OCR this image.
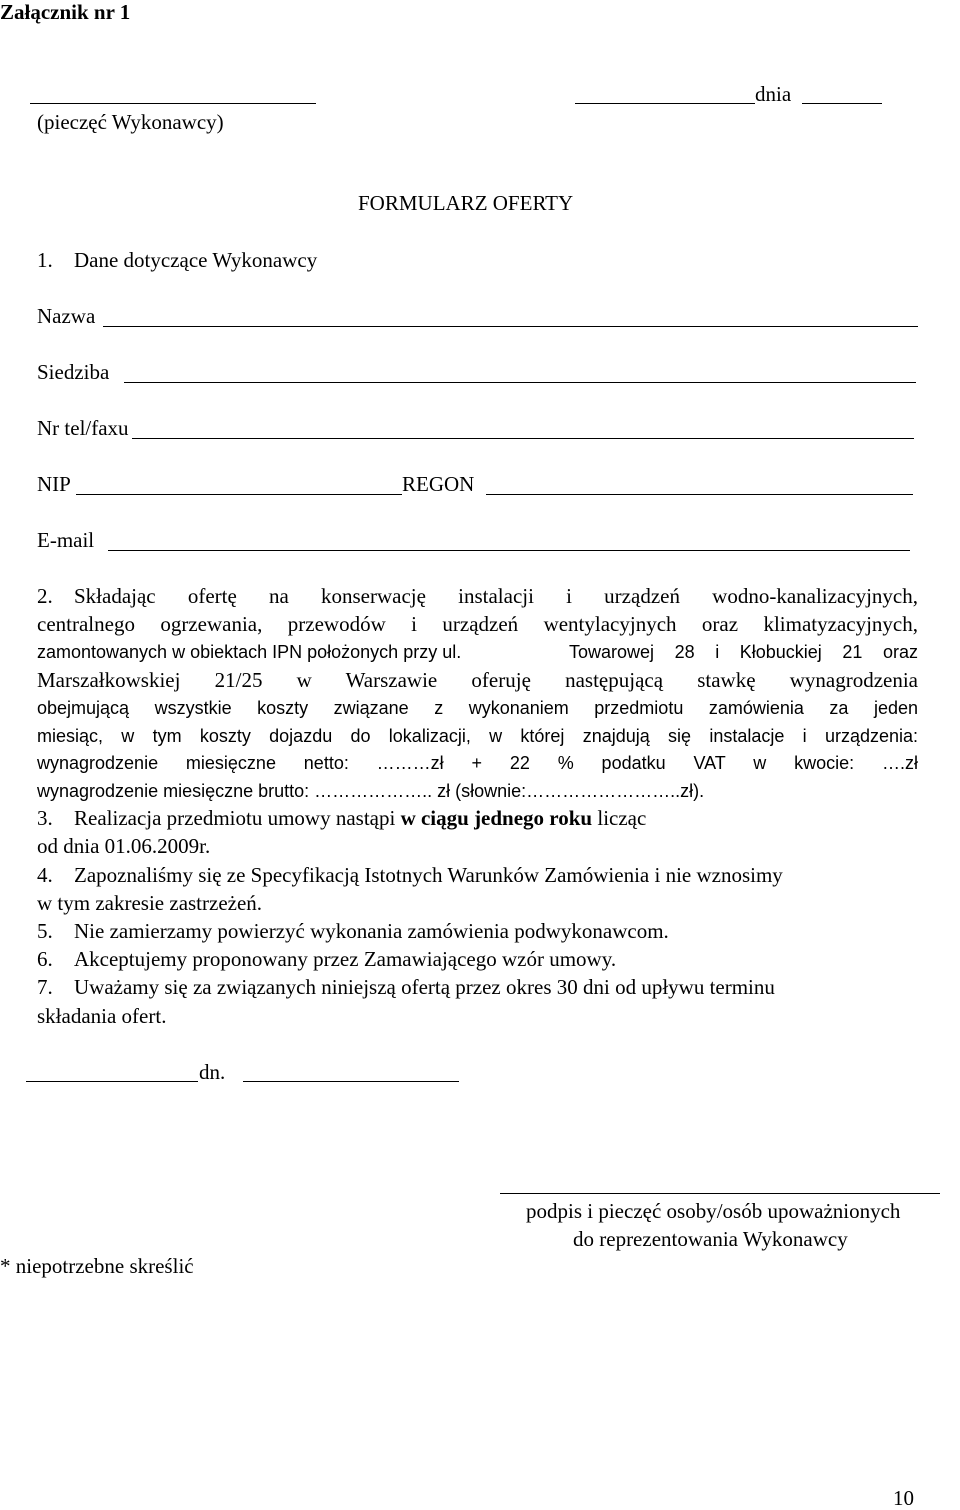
Załącznik nr 1
(pieczęć Wykonawcy)
dnia
FORMULARZ OFERTY
1. Dane dotyczące Wykonawcy
Nazwa
Siedziba
Nr tel/faxu
NIP	REGON
E-mail
2. Składając ofertę na konserwację instalacji i urządzeń wodno-kanalizacyjnych,
centralnego ogrzewania, przewodów i urządzeń wentylacyjnych oraz klimatyzacyjnych,
zamontowanych w obiektach IPN położonych przy ul.	Towarowej 28 i Kłobuckiej 21 oraz
Marszałkowskiej 21/25 w Warszawie oferuję następującą stawkę wynagrodzenia
obejmującą wszystkie koszty związane z wykonaniem przedmiotu zamówienia za jeden
miesiąc, w tym koszty dojazdu do lokalizacji, w której znajdują się instalacje i urządzenia:
wynagrodzenie miesięczne netto: ………zł + 22 % podatku VAT w kwocie: ….zł
wynagrodzenie miesięczne brutto: ……………….. zł (słownie:……………………..zł).
3. Realizacja przedmiotu umowy nastąpi w ciągu jednego roku licząc
od dnia 01.06.2009r.
4. Zapoznaliśmy się ze Specyfikacją Istotnych Warunków Zamówienia i nie wznosimy
w tym zakresie zastrzeżeń.
5. Nie zamierzamy powierzyć wykonania zamówienia podwykonawcom.
6. Akceptujemy proponowany przez Zamawiającego wzór umowy.
7. Uważamy się za związanych niniejszą ofertą przez okres 30 dni od upływu terminu
składania ofert.
dn.
podpis i pieczęć osoby/osób upoważnionych
do reprezentowania Wykonawcy
* niepotrzebne skreślić
10
